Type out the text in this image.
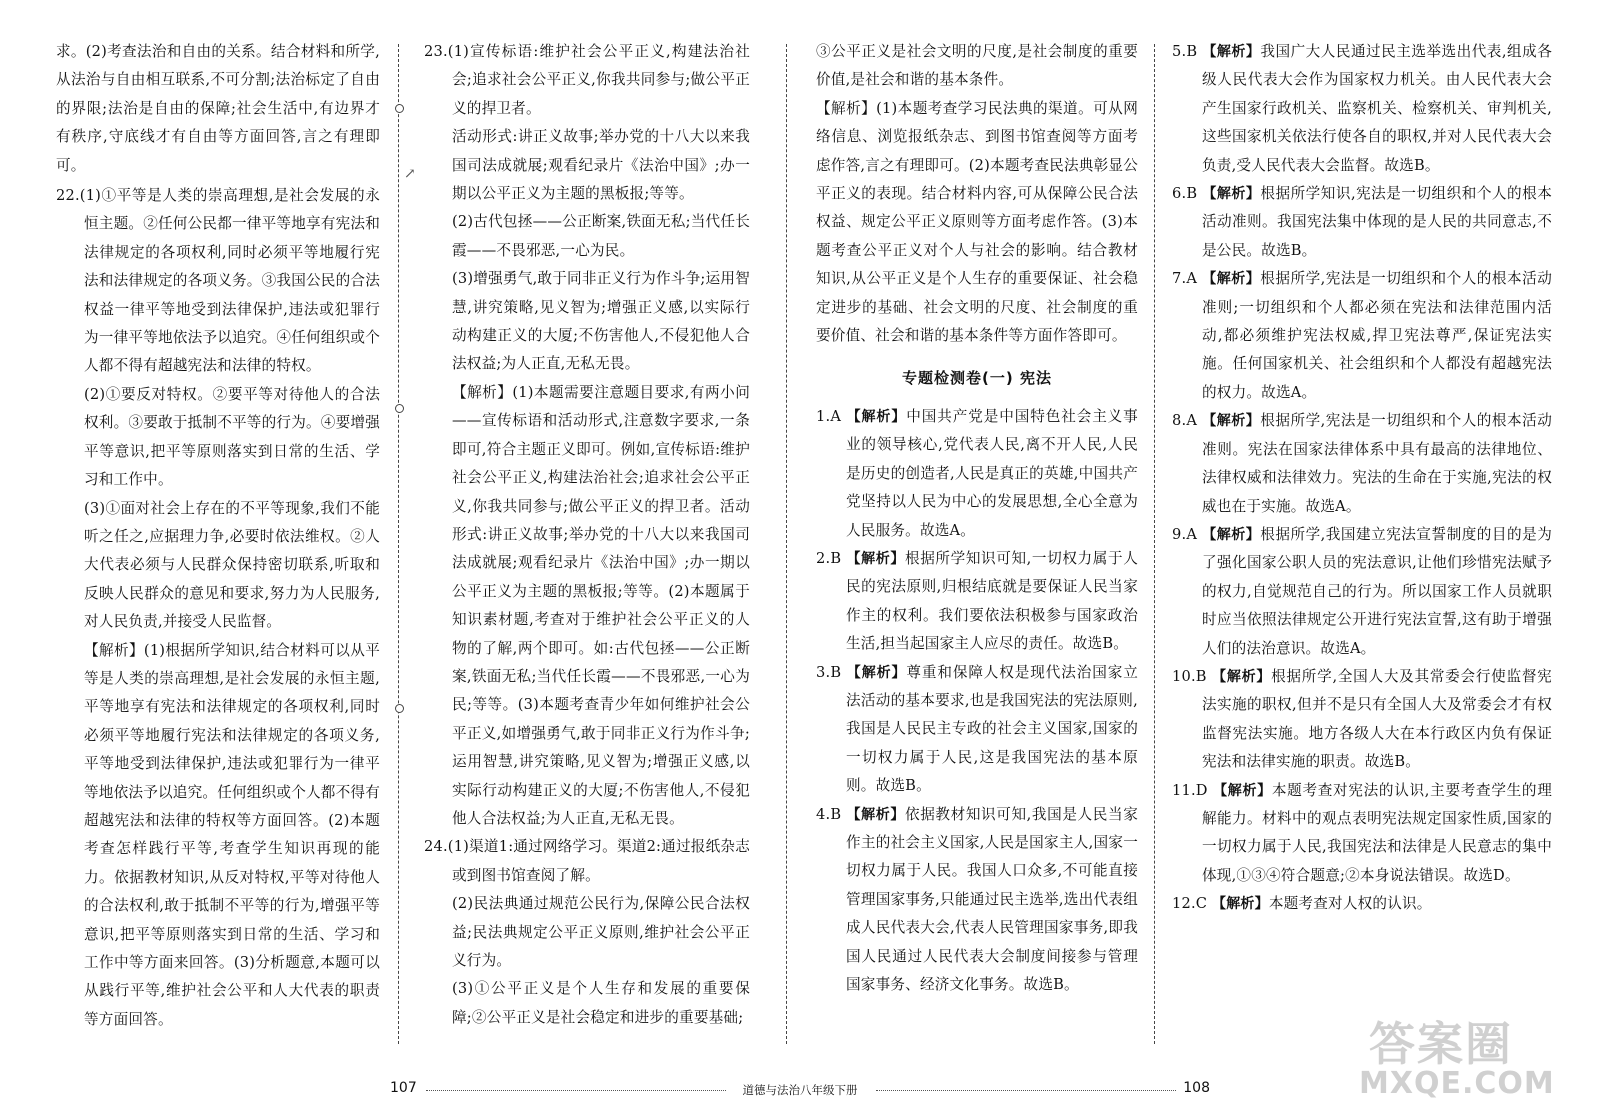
求。(2)考查法治和自由的关系。结合材料和所学,从法治与自由相互联系,不可分割;法治标定了自由的界限;法治是自由的保障;社会生活中,有边界才有秩序,守底线才有自由等方面回答,言之有理即可。

22.(1)①平等是人类的崇高理想,是社会发展的永恒主题。②任何公民都一律平等地享有宪法和法律规定的各项权利,同时必须平等地履行宪法和法律规定的各项义务。③我国公民的合法权益一律平等地受到法律保护,违法或犯罪行为一律平等地依法予以追究。④任何组织或个人都不得有超越宪法和法律的特权。

(2)①要反对特权。②要平等对待他人的合法权利。③要敢于抵制不平等的行为。④要增强平等意识,把平等原则落实到日常的生活、学习和工作中。

(3)①面对社会上存在的不平等现象,我们不能听之任之,应据理力争,必要时依法维权。②人大代表必须与人民群众保持密切联系,听取和反映人民群众的意见和要求,努力为人民服务,对人民负责,并接受人民监督。

【解析】(1)根据所学知识,结合材料可以从平等是人类的崇高理想,是社会发展的永恒主题,平等地享有宪法和法律规定的各项权利,同时必须平等地履行宪法和法律规定的各项义务,平等地受到法律保护,违法或犯罪行为一律平等地依法予以追究。任何组织或个人都不得有超越宪法和法律的特权等方面回答。(2)本题考查怎样践行平等,考查学生知识再现的能力。依据教材知识,从反对特权,平等对待他人的合法权利,敢于抵制不平等的行为,增强平等意识,把平等原则落实到日常的生活、学习和工作中等方面来回答。(3)分析题意,本题可以从践行平等,维护社会公平和人大代表的职责等方面回答。

↗

23.(1)宣传标语:维护社会公平正义,构建法治社会;追求社会公平正义,你我共同参与;做公平正义的捍卫者。

活动形式:讲正义故事;举办党的十八大以来我国司法成就展;观看纪录片《法治中国》;办一期以公平正义为主题的黑板报;等等。

(2)古代包拯——公正断案,铁面无私;当代任长霞——不畏邪恶,一心为民。

(3)增强勇气,敢于同非正义行为作斗争;运用智慧,讲究策略,见义智为;增强正义感,以实际行动构建正义的大厦;不伤害他人,不侵犯他人合法权益;为人正直,无私无畏。

【解析】(1)本题需要注意题目要求,有两小问——宣传标语和活动形式,注意数字要求,一条即可,符合主题正义即可。例如,宣传标语:维护社会公平正义,构建法治社会;追求社会公平正义,你我共同参与;做公平正义的捍卫者。活动形式:讲正义故事;举办党的十八大以来我国司法成就展;观看纪录片《法治中国》;办一期以公平正义为主题的黑板报;等等。(2)本题属于知识素材题,考查对于维护社会公平正义的人物的了解,两个即可。如:古代包拯——公正断案,铁面无私;当代任长霞——不畏邪恶,一心为民;等等。(3)本题考查青少年如何维护社会公平正义,如增强勇气,敢于同非正义行为作斗争;运用智慧,讲究策略,见义智为;增强正义感,以实际行动构建正义的大厦;不伤害他人,不侵犯他人合法权益;为人正直,无私无畏。

24.(1)渠道1:通过网络学习。渠道2:通过报纸杂志或到图书馆查阅了解。

(2)民法典通过规范公民行为,保障公民合法权益;民法典规定公平正义原则,维护社会公平正义行为。

(3)①公平正义是个人生存和发展的重要保障;②公平正义是社会稳定和进步的重要基础;

③公平正义是社会文明的尺度,是社会制度的重要价值,是社会和谐的基本条件。

【解析】(1)本题考查学习民法典的渠道。可从网络信息、浏览报纸杂志、到图书馆查阅等方面考虑作答,言之有理即可。(2)本题考查民法典彰显公平正义的表现。结合材料内容,可从保障公民合法权益、规定公平正义原则等方面考虑作答。(3)本题考查公平正义对个人与社会的影响。结合教材知识,从公平正义是个人生存的重要保证、社会稳定进步的基础、社会文明的尺度、社会制度的重要价值、社会和谐的基本条件等方面作答即可。

专题检测卷(一) 宪法

1.A 【解析】中国共产党是中国特色社会主义事业的领导核心,党代表人民,离不开人民,人民是历史的创造者,人民是真正的英雄,中国共产党坚持以人民为中心的发展思想,全心全意为人民服务。故选A。

2.B 【解析】根据所学知识可知,一切权力属于人民的宪法原则,归根结底就是要保证人民当家作主的权利。我们要依法积极参与国家政治生活,担当起国家主人应尽的责任。故选B。

3.B 【解析】尊重和保障人权是现代法治国家立法活动的基本要求,也是我国宪法的宪法原则,我国是人民民主专政的社会主义国家,国家的一切权力属于人民,这是我国宪法的基本原则。故选B。

4.B 【解析】依据教材知识可知,我国是人民当家作主的社会主义国家,人民是国家主人,国家一切权力属于人民。我国人口众多,不可能直接管理国家事务,只能通过民主选举,选出代表组成人民代表大会,代表人民管理国家事务,即我国人民通过人民代表大会制度间接参与管理国家事务、经济文化事务。故选B。

5.B 【解析】我国广大人民通过民主选举选出代表,组成各级人民代表大会作为国家权力机关。由人民代表大会产生国家行政机关、监察机关、检察机关、审判机关,这些国家机关依法行使各自的职权,并对人民代表大会负责,受人民代表大会监督。故选B。

6.B 【解析】根据所学知识,宪法是一切组织和个人的根本活动准则。我国宪法集中体现的是人民的共同意志,不是公民。故选B。

7.A 【解析】根据所学,宪法是一切组织和个人的根本活动准则;一切组织和个人都必须在宪法和法律范围内活动,都必须维护宪法权威,捍卫宪法尊严,保证宪法实施。任何国家机关、社会组织和个人都没有超越宪法的权力。故选A。

8.A 【解析】根据所学,宪法是一切组织和个人的根本活动准则。宪法在国家法律体系中具有最高的法律地位、法律权威和法律效力。宪法的生命在于实施,宪法的权威也在于实施。故选A。

9.A 【解析】根据所学,我国建立宪法宣誓制度的目的是为了强化国家公职人员的宪法意识,让他们珍惜宪法赋予的权力,自觉规范自己的行为。所以国家工作人员就职时应当依照法律规定公开进行宪法宣誓,这有助于增强人们的法治意识。故选A。

10.B 【解析】根据所学,全国人大及其常委会行使监督宪法实施的职权,但并不是只有全国人大及常委会才有权监督宪法实施。地方各级人大在本行政区内负有保证宪法和法律实施的职责。故选B。

11.D 【解析】本题考查对宪法的认识,主要考查学生的理解能力。材料中的观点表明宪法规定国家性质,国家的一切权力属于人民,我国宪法和法律是人民意志的集中体现,①③④符合题意;②本身说法错误。故选D。

12.C 【解析】本题考查对人权的认识。

107	道德与法治八年级下册	108
答案圈
MXQE.COM
